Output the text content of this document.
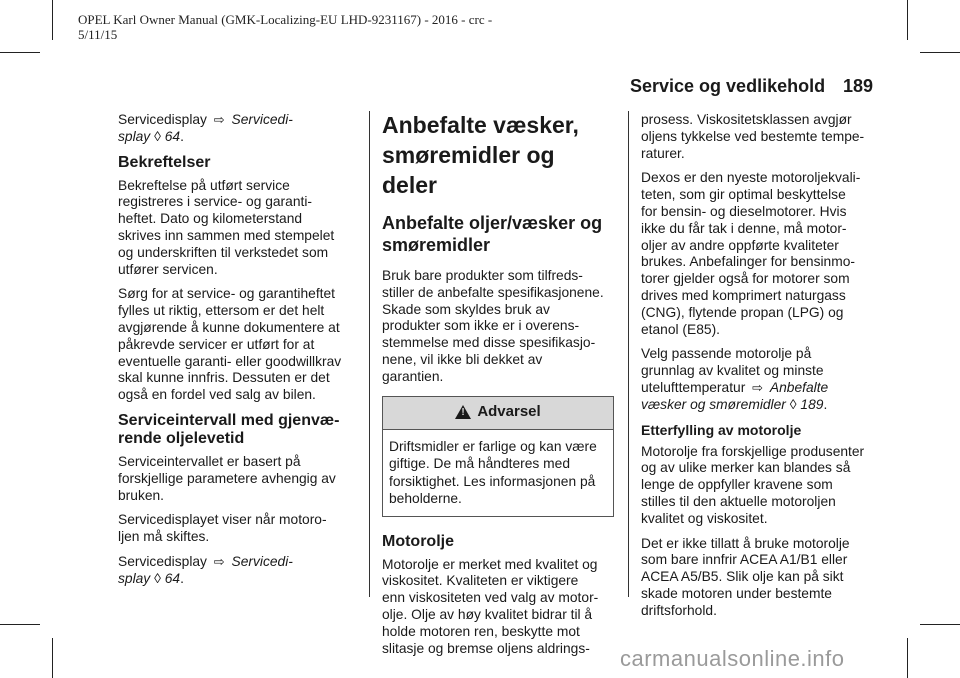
OPEL Karl Owner Manual (GMK-Localizing-EU LHD-9231167) - 2016 - crc -
5/11/15
Service og vedlikehold 189

Servicedisplay ⇨ Servicedi-
splay ◊ 64.

Bekreftelser

Bekreftelse på utført service
registreres i service- og garanti-
heftet. Dato og kilometerstand
skrives inn sammen med stempelet
og underskriften til verkstedet som
utfører servicen.

Sørg for at service- og garantiheftet
fylles ut riktig, ettersom er det helt
avgjørende å kunne dokumentere at
påkrevde servicer er utført for at
eventuelle garanti- eller goodwillkrav
skal kunne innfris. Dessuten er det
også en fordel ved salg av bilen.

Serviceintervall med gjenvæ-
rende oljelevetid

Serviceintervallet er basert på
forskjellige parametere avhengig av
bruken.

Servicedisplayet viser når motoro-
ljen må skiftes.

Servicedisplay ⇨ Servicedi-
splay ◊ 64.

Anbefalte væsker,
smøremidler og deler
Anbefalte oljer/væsker og
smøremidler

Bruk bare produkter som tilfreds-
stiller de anbefalte spesifikasjonene.
Skade som skyldes bruk av
produkter som ikke er i overens-
stemmelse med disse spesifikasjo-
nene, vil ikke bli dekket av
garantien.

!
Advarsel
Driftsmidler er farlige og kan være
giftige. De må håndteres med
forsiktighet. Les informasjonen på
beholderne.
Motorolje

Motorolje er merket med kvalitet og
viskositet. Kvaliteten er viktigere
enn viskositeten ved valg av motor-
olje. Olje av høy kvalitet bidrar til å
holde motoren ren, beskytte mot
slitasje og bremse oljens aldrings-

prosess. Viskositetsklassen avgjør
oljens tykkelse ved bestemte tempe-
raturer.

Dexos er den nyeste motoroljekvali-
teten, som gir optimal beskyttelse
for bensin- og dieselmotorer. Hvis
ikke du får tak i denne, må motor-
oljer av andre oppførte kvaliteter
brukes. Anbefalinger for bensinmo-
torer gjelder også for motorer som
drives med komprimert naturgass
(CNG), flytende propan (LPG) og
etanol (E85).

Velg passende motorolje på
grunnlag av kvalitet og minste
utelufttemperatur ⇨ Anbefalte
væsker og smøremidler ◊ 189.

Etterfylling av motorolje

Motorolje fra forskjellige produsenter
og av ulike merker kan blandes så
lenge de oppfyller kravene som
stilles til den aktuelle motoroljen
kvalitet og viskositet.

Det er ikke tillatt å bruke motorolje
som bare innfrir ACEA A1/B1 eller
ACEA A5/B5. Slik olje kan på sikt
skade motoren under bestemte
driftsforhold.

carmanualsonline.info
